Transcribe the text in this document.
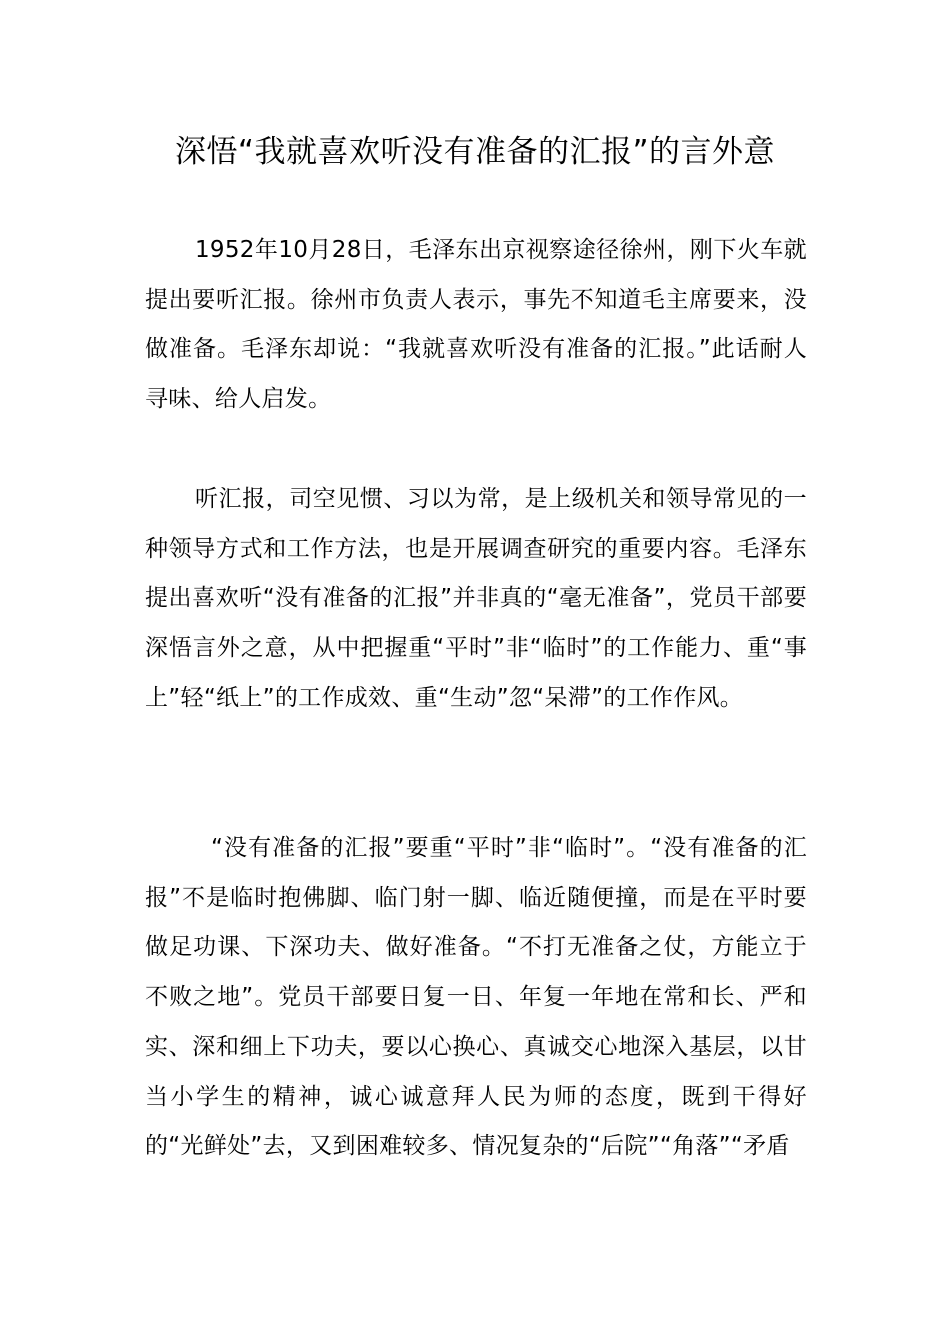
深悟“我就喜欢听没有准备的汇报”的言外意

1952年10月28日，毛泽东出京视察途径徐州，刚下火车就提出要听汇报。徐州市负责人表示，事先不知道毛主席要来，没做准备。毛泽东却说：“我就喜欢听没有准备的汇报。”此话耐人寻味、给人启发。

听汇报，司空见惯、习以为常，是上级机关和领导常见的一种领导方式和工作方法，也是开展调查研究的重要内容。毛泽东提出喜欢听“没有准备的汇报”并非真的“毫无准备”，党员干部要深悟言外之意，从中把握重“平时”非“临时”的工作能力、重“事上”轻“纸上”的工作成效、重“生动”忽“呆滞”的工作作风。

“没有准备的汇报”要重“平时”非“临时”。“没有准备的汇报”不是临时抱佛脚、临门射一脚、临近随便撞，而是在平时要做足功课、下深功夫、做好准备。“不打无准备之仗，方能立于不败之地”。党员干部要日复一日、年复一年地在常和长、严和实、深和细上下功夫，要以心换心、真诚交心地深入基层，以甘当小学生的精神，诚心诚意拜人民为师的态度，既到干得好的“光鲜处”去，又到困难较多、情况复杂的“后院”“角落”“矛盾
